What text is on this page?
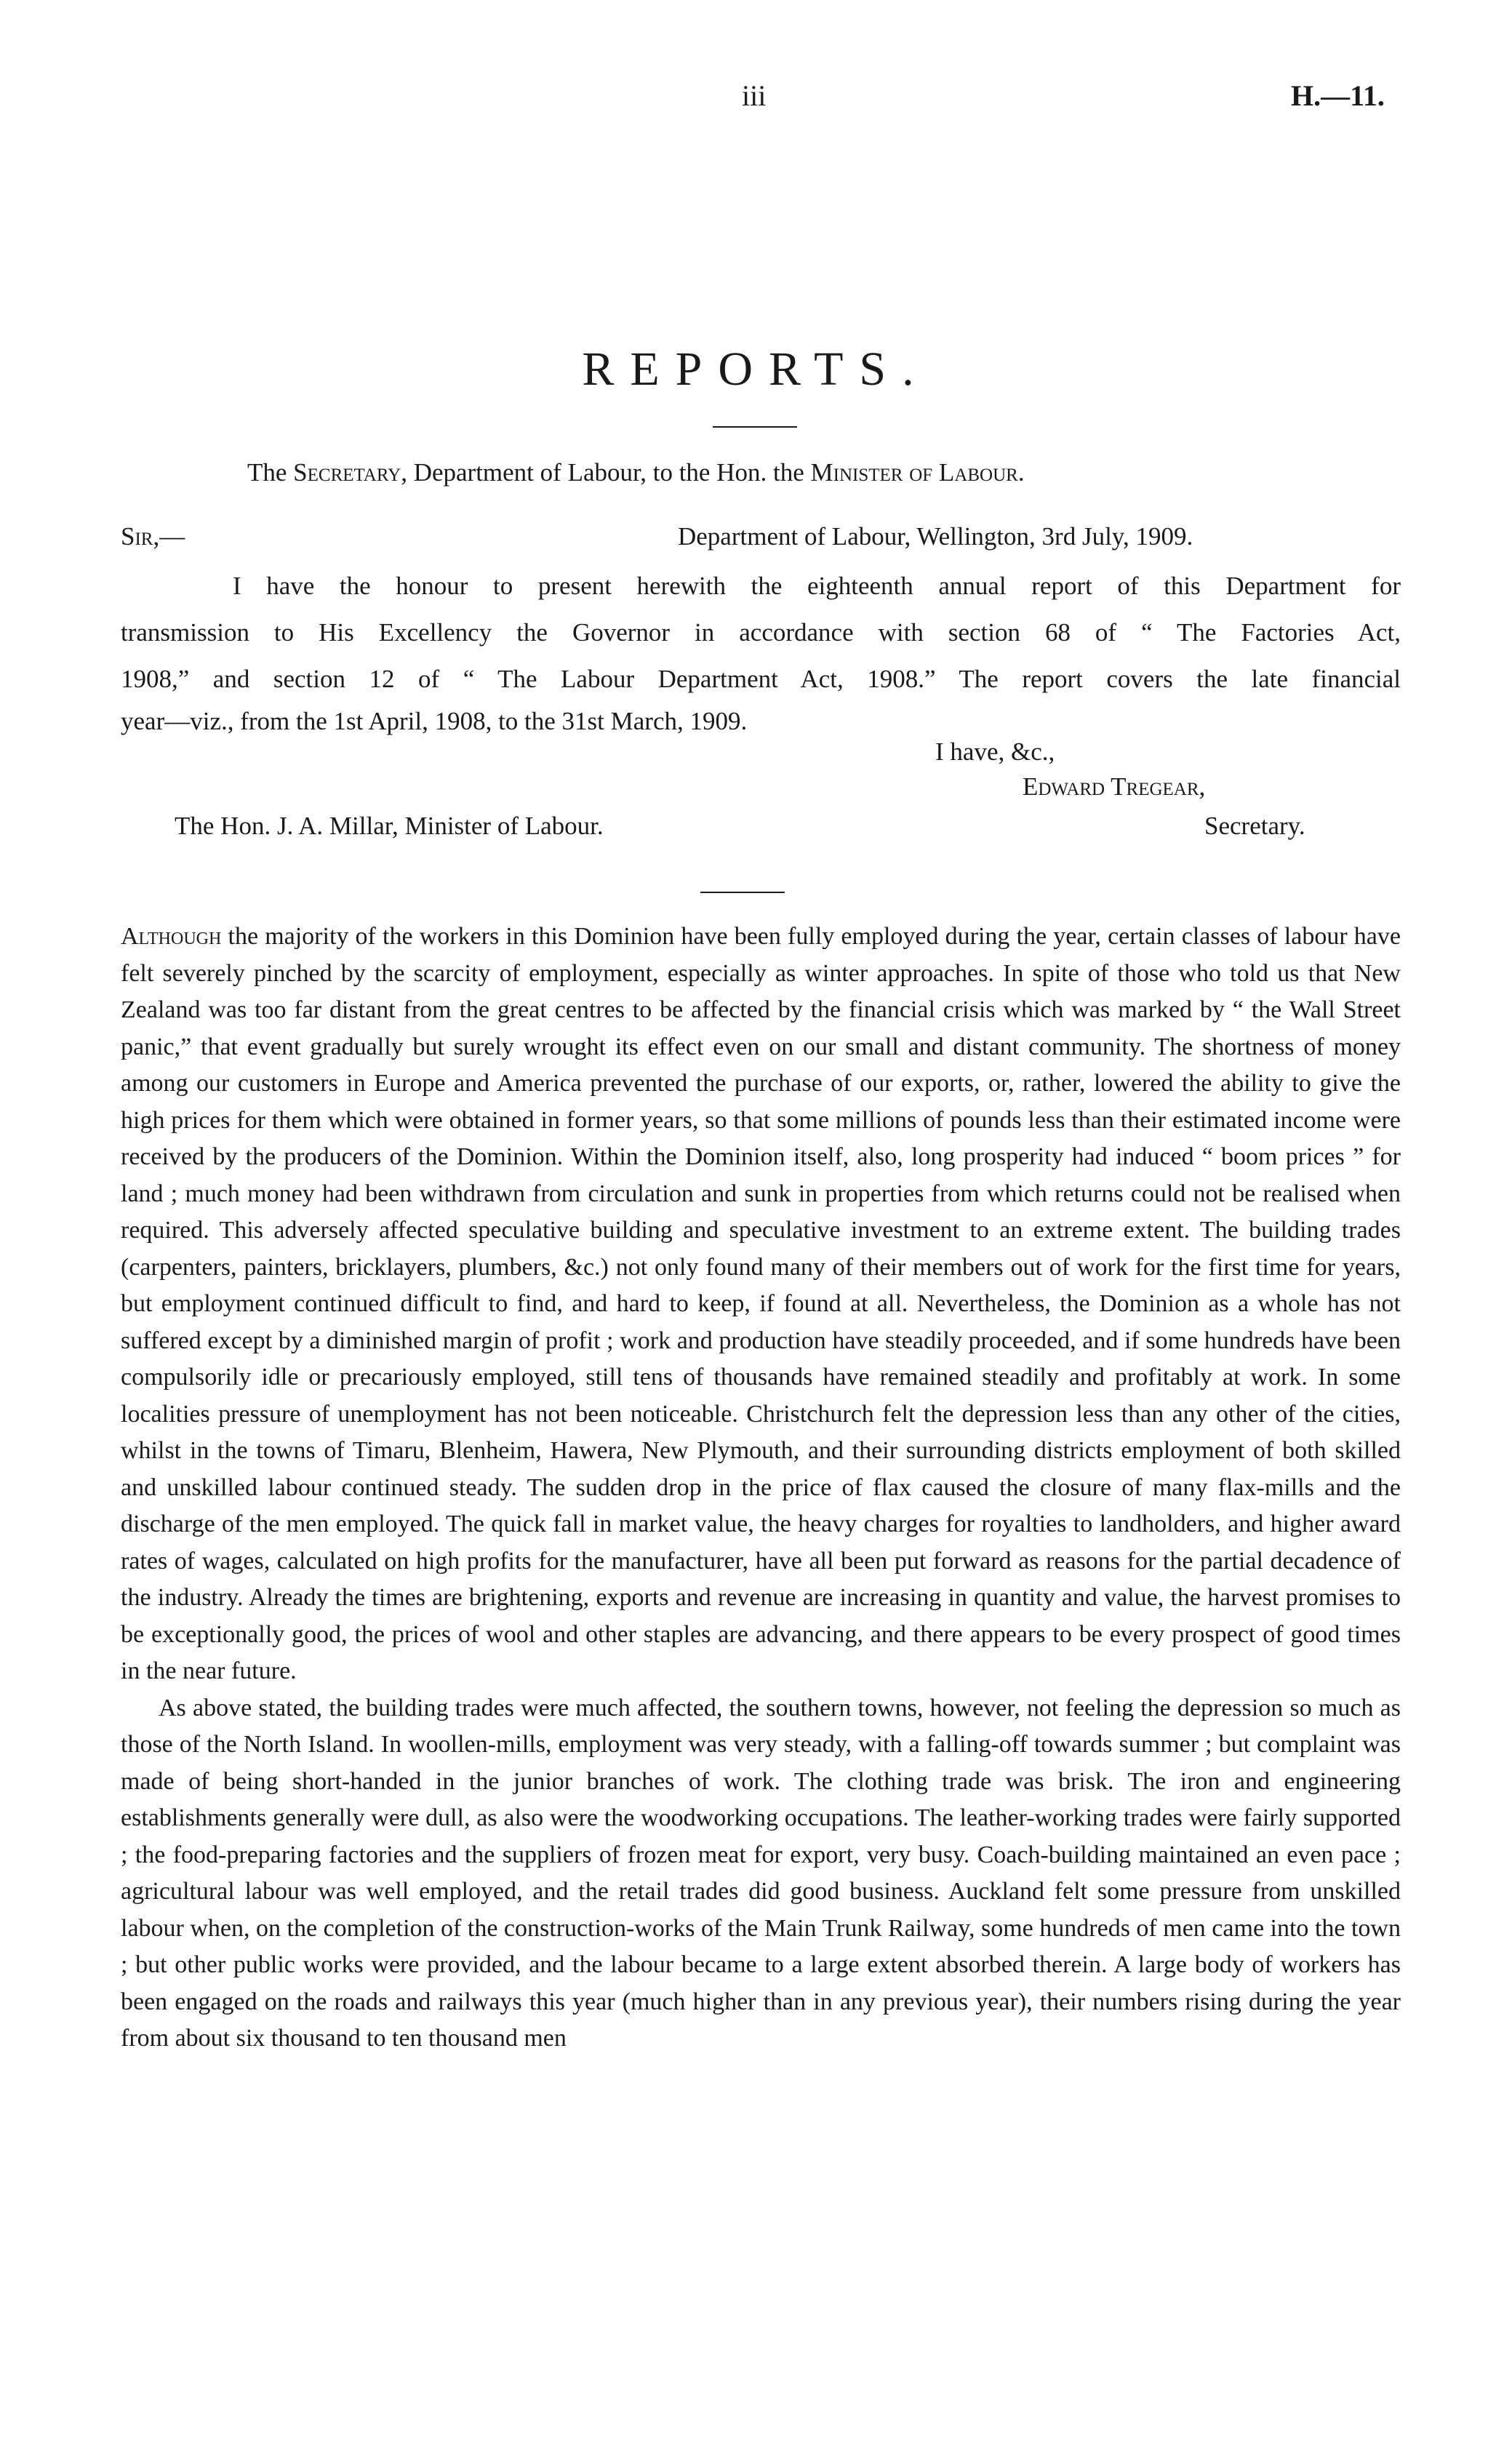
iii	H.—11.
REPORTS.
The Secretary, Department of Labour, to the Hon. the Minister of Labour.
Sir,—	Department of Labour, Wellington, 3rd July, 1909.
I have the honour to present herewith the eighteenth annual report of this Department for
transmission to His Excellency the Governor in accordance with section 68 of “ The Factories Act,
1908,” and section 12 of “ The Labour Department Act, 1908.” The report covers the late financial
year—viz., from the 1st April, 1908, to the 31st March, 1909.
I have, &c.,
Edward Tregear,
The Hon. J. A. Millar, Minister of Labour.	Secretary.

Although the majority of the workers in this Dominion have been fully employed during the year, certain classes of labour have felt severely pinched by the scarcity of employment, especially as winter approaches. In spite of those who told us that New Zealand was too far distant from the great centres to be affected by the financial crisis which was marked by “ the Wall Street panic,” that event gradually but surely wrought its effect even on our small and distant community. The shortness of money among our customers in Europe and America prevented the purchase of our exports, or, rather, lowered the ability to give the high prices for them which were obtained in former years, so that some millions of pounds less than their estimated income were received by the producers of the Dominion. Within the Dominion itself, also, long prosperity had induced “ boom prices ” for land ; much money had been withdrawn from circulation and sunk in properties from which returns could not be realised when required. This adversely affected speculative building and speculative investment to an extreme extent. The building trades (carpenters, painters, bricklayers, plumbers, &c.) not only found many of their members out of work for the first time for years, but employment continued difficult to find, and hard to keep, if found at all. Nevertheless, the Dominion as a whole has not suffered except by a diminished margin of profit ; work and production have steadily proceeded, and if some hundreds have been compulsorily idle or precariously employed, still tens of thousands have remained steadily and profitably at work. In some localities pressure of unemployment has not been noticeable. Christchurch felt the depression less than any other of the cities, whilst in the towns of Timaru, Blenheim, Hawera, New Plymouth, and their surrounding districts employment of both skilled and unskilled labour continued steady. The sudden drop in the price of flax caused the closure of many flax-mills and the discharge of the men employed. The quick fall in market value, the heavy charges for royalties to landholders, and higher award rates of wages, calculated on high profits for the manufacturer, have all been put forward as reasons for the partial decadence of the industry. Already the times are brightening, exports and revenue are increasing in quantity and value, the harvest promises to be exceptionally good, the prices of wool and other staples are advancing, and there appears to be every prospect of good times in the near future.

As above stated, the building trades were much affected, the southern towns, however, not feeling the depression so much as those of the North Island. In woollen-mills, employment was very steady, with a falling-off towards summer ; but complaint was made of being short-handed in the junior branches of work. The clothing trade was brisk. The iron and engineering establishments generally were dull, as also were the woodworking occupations. The leather-working trades were fairly supported ; the food-preparing factories and the suppliers of frozen meat for export, very busy. Coach-building maintained an even pace ; agricultural labour was well employed, and the retail trades did good business. Auckland felt some pressure from unskilled labour when, on the completion of the construction-works of the Main Trunk Railway, some hundreds of men came into the town ; but other public works were provided, and the labour became to a large extent absorbed therein. A large body of workers has been engaged on the roads and railways this year (much higher than in any previous year), their numbers rising during the year from about six thousand to ten thousand men
